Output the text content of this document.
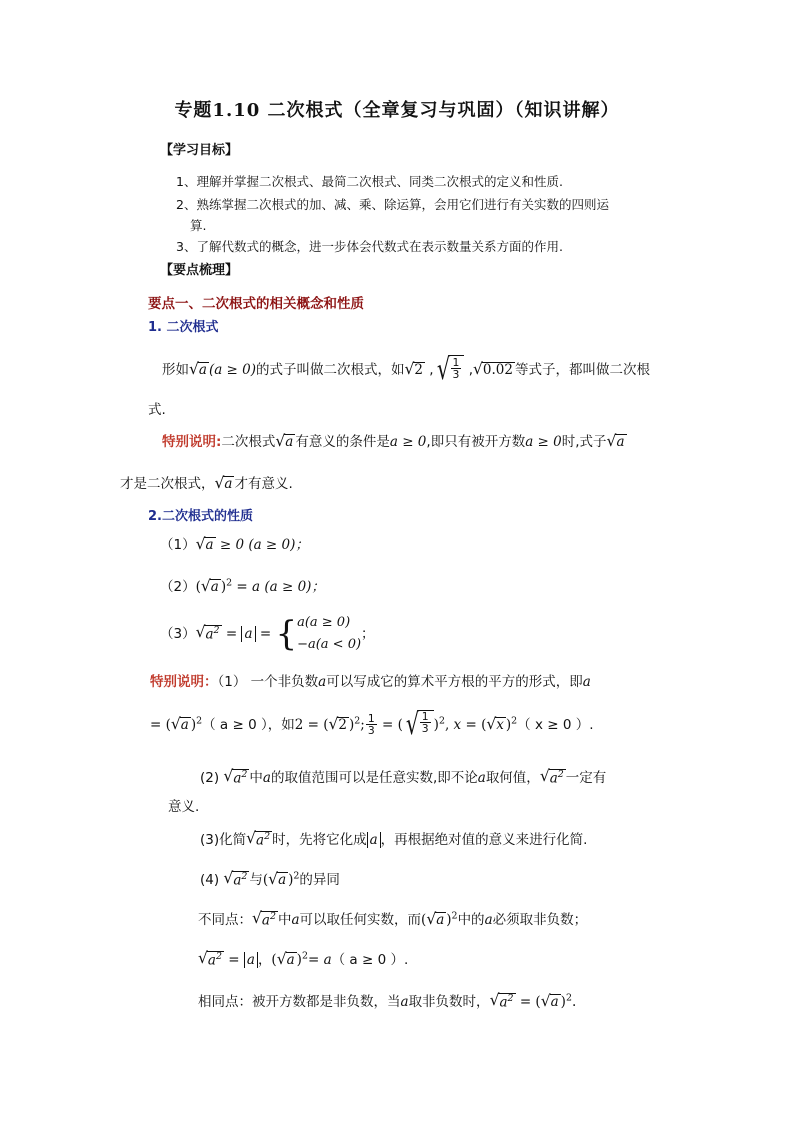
专题1.10 二次根式（全章复习与巩固）（知识讲解）
【学习目标】
1、理解并掌握二次根式、最简二次根式、同类二次根式的定义和性质.
2、熟练掌握二次根式的加、减、乘、除运算，会用它们进行有关实数的四则运
算.
3、了解代数式的概念，进一步体会代数式在表示数量关系方面的作用.
【要点梳理】
要点一、二次根式的相关概念和性质
1. 二次根式
形如 √ a (a ≥ 0)的式子叫做二次根式，如 √ 2 , √ $\frac{1}{3}$ , √ 0.02 等式子，都叫做二次根
式.
特别说明:二次根式 √ a 有意义的条件是a ≥ 0,即只有被开方数a ≥ 0时,式子 √ a
才是二次根式， √ a 才有意义.
2.二次根式的性质
（1） √ a ≥ 0 (a ≥ 0)；
（2）( √ a )$^2$ = a (a ≥ 0)；
（3） √ $a^2 = a$ = { a(a ≥ 0)
−a(a < 0)
；
特别说明：（1） 一个非负数a可以写成它的算术平方根的平方的形式，即a
= ( √ a )$^2$（ a ≥ 0 ），如2 = ( √ 2 )$^2$; $\frac{1}{3}$ = ( √ $\frac{1}{3} )^2$, x = ( √ x )$^2$（ x ≥ 0 ）.
(2) √ $a^2$ 中a的取值范围可以是任意实数,即不论a取何值， √ $a^2$ 一定有
意义.
(3)化简 √ $a^2$ 时，先将它化成 a ，再根据绝对值的意义来进行化简.
(4) √ $a^2$ 与( √ a )$^2$的异同
不同点： √ $a^2$ 中a可以取任何实数，而( √ a )$^2$中的a必须取非负数；
√ $a^2 = a$ ，( √ a )$^2$= a（ a ≥ 0 ）.
相同点：被开方数都是非负数，当a取非负数时， √ $a^2$ = ( √ a )$^2$.
